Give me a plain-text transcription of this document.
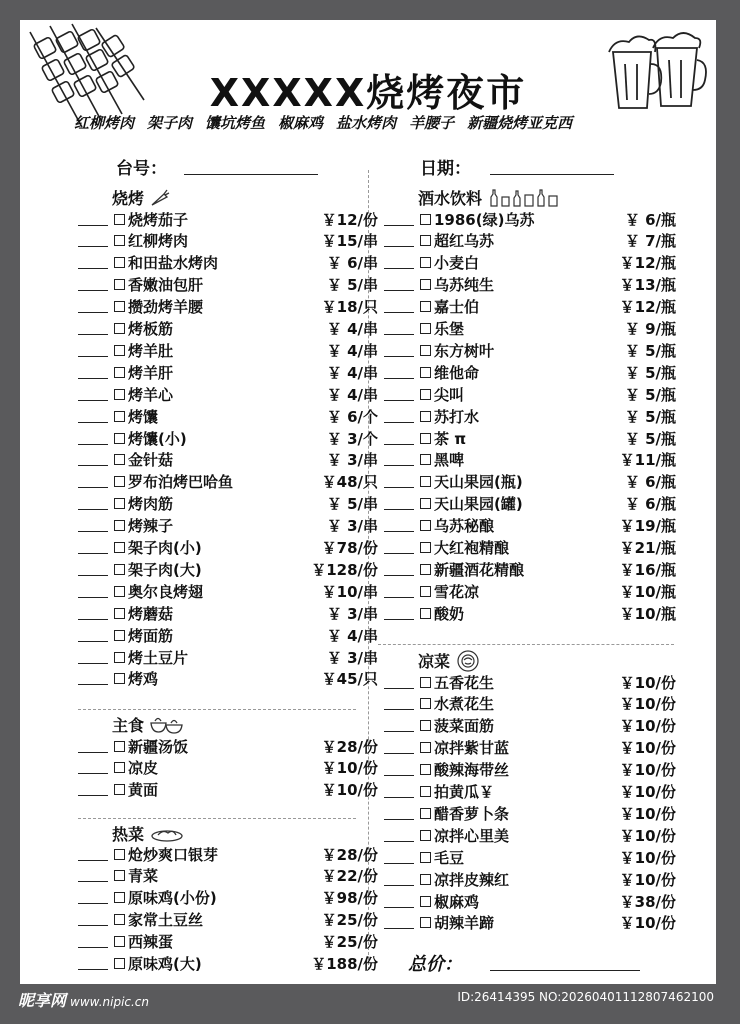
XXXXX烧烤夜市
红柳烤肉 架子肉 馕坑烤鱼 椒麻鸡 盐水烤肉 羊腰子 新疆烧烤亚克西
台号：	日期：
烧烤
主食
热菜
酒水饮料
凉菜
烧烤茄子	￥12/份
红柳烤肉	￥15/串
和田盐水烤肉	￥ 6/串
香嫩油包肝	￥ 5/串
攒劲烤羊腰	￥18/只
烤板筋	￥ 4/串
烤羊肚	￥ 4/串
烤羊肝	￥ 4/串
烤羊心	￥ 4/串
烤馕	￥ 6/个
烤馕(小)	￥ 3/个
金针菇	￥ 3/串
罗布泊烤巴哈鱼	￥48/只
烤肉筋	￥ 5/串
烤辣子	￥ 3/串
架子肉(小)	￥78/份
架子肉(大)	￥128/份
奥尔良烤翅	￥10/串
烤蘑菇	￥ 3/串
烤面筋	￥ 4/串
烤土豆片	￥ 3/串
烤鸡	￥45/只
新疆汤饭	￥28/份
凉皮	￥10/份
黄面	￥10/份
炝炒爽口银芽	￥28/份
青菜	￥22/份
原味鸡(小份)	￥98/份
家常土豆丝	￥25/份
西辣蛋	￥25/份
原味鸡(大)	￥188/份
1986(绿)乌苏	￥ 6/瓶
超红乌苏	￥ 7/瓶
小麦白	￥12/瓶
乌苏纯生	￥13/瓶
嘉士伯	￥12/瓶
乐堡	￥ 9/瓶
东方树叶	￥ 5/瓶
维他命	￥ 5/瓶
尖叫	￥ 5/瓶
苏打水	￥ 5/瓶
茶 π	￥ 5/瓶
黑啤	￥11/瓶
天山果园(瓶)	￥ 6/瓶
天山果园(罐)	￥ 6/瓶
乌苏秘酿	￥19/瓶
大红袍精酿	￥21/瓶
新疆酒花精酿	￥16/瓶
雪花凉	￥10/瓶
酸奶	￥10/瓶
五香花生	￥10/份
水煮花生	￥10/份
菠菜面筋	￥10/份
凉拌紫甘蓝	￥10/份
酸辣海带丝	￥10/份
拍黄瓜￥	￥10/份
醋香萝卜条	￥10/份
凉拌心里美	￥10/份
毛豆	￥10/份
凉拌皮辣红	￥10/份
椒麻鸡	￥38/份
胡辣羊蹄	￥10/份
总价：
昵享网 www.nipic.cn	ID:26414395 NO:20260401112807462100
